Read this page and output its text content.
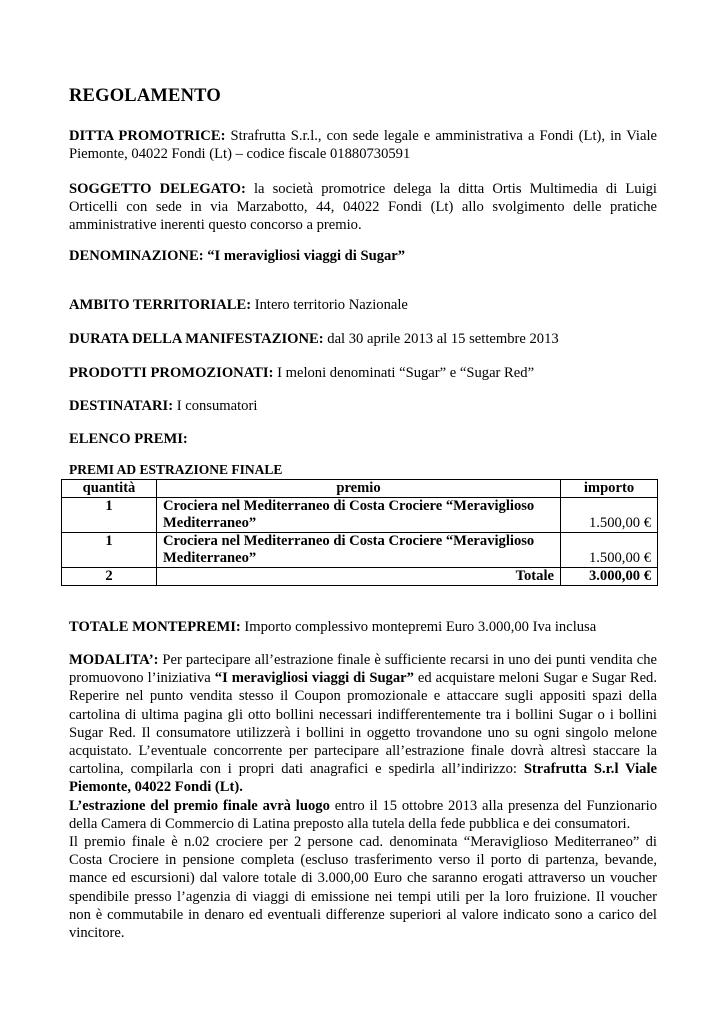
REGOLAMENTO
DITTA PROMOTRICE: Strafrutta S.r.l., con sede legale e amministrativa a Fondi (Lt), in Viale Piemonte, 04022 Fondi (Lt) – codice fiscale 01880730591
SOGGETTO DELEGATO: la società promotrice delega la ditta Ortis Multimedia di Luigi Orticelli con sede in via Marzabotto, 44, 04022 Fondi (Lt) allo svolgimento delle pratiche amministrative inerenti questo concorso a premio.
DENOMINAZIONE: “I meravigliosi viaggi di Sugar”
AMBITO TERRITORIALE: Intero territorio Nazionale
DURATA DELLA MANIFESTAZIONE: dal 30 aprile 2013 al 15 settembre 2013
PRODOTTI PROMOZIONATI: I meloni denominati “Sugar” e “Sugar Red”
DESTINATARI: I consumatori
ELENCO PREMI:
PREMI AD ESTRAZIONE FINALE
quantità	premio	importo
1	Crociera nel Mediterraneo di Costa Crociere “Meraviglioso Mediterraneo”	1.500,00 €
1	Crociera nel Mediterraneo di Costa Crociere “Meraviglioso Mediterraneo”	1.500,00 €
2	Totale	3.000,00 €
TOTALE MONTEPREMI: Importo complessivo montepremi Euro 3.000,00 Iva inclusa
MODALITA’: Per partecipare all’estrazione finale è sufficiente recarsi in uno dei punti vendita che promuovono l’iniziativa “I meravigliosi viaggi di Sugar” ed acquistare meloni Sugar e Sugar Red. Reperire nel punto vendita stesso il Coupon promozionale e attaccare sugli appositi spazi della cartolina di ultima pagina gli otto bollini necessari indifferentemente tra i bollini Sugar o i bollini Sugar Red. Il consumatore utilizzerà i bollini in oggetto trovandone uno su ogni singolo melone acquistato. L’eventuale concorrente per partecipare all’estrazione finale dovrà altresì staccare la cartolina, compilarla con i propri dati anagrafici e spedirla all’indirizzo: Strafrutta S.r.l Viale Piemonte, 04022 Fondi (Lt).
L’estrazione del premio finale avrà luogo entro il 15 ottobre 2013 alla presenza del Funzionario della Camera di Commercio di Latina preposto alla tutela della fede pubblica e dei consumatori.
Il premio finale è n.02 crociere per 2 persone cad. denominata “Meraviglioso Mediterraneo” di Costa Crociere in pensione completa (escluso trasferimento verso il porto di partenza, bevande, mance ed escursioni) dal valore totale di 3.000,00 Euro che saranno erogati attraverso un voucher spendibile presso l’agenzia di viaggi di emissione nei tempi utili per la loro fruizione. Il voucher non è commutabile in denaro ed eventuali differenze superiori al valore indicato sono a carico del vincitore.
